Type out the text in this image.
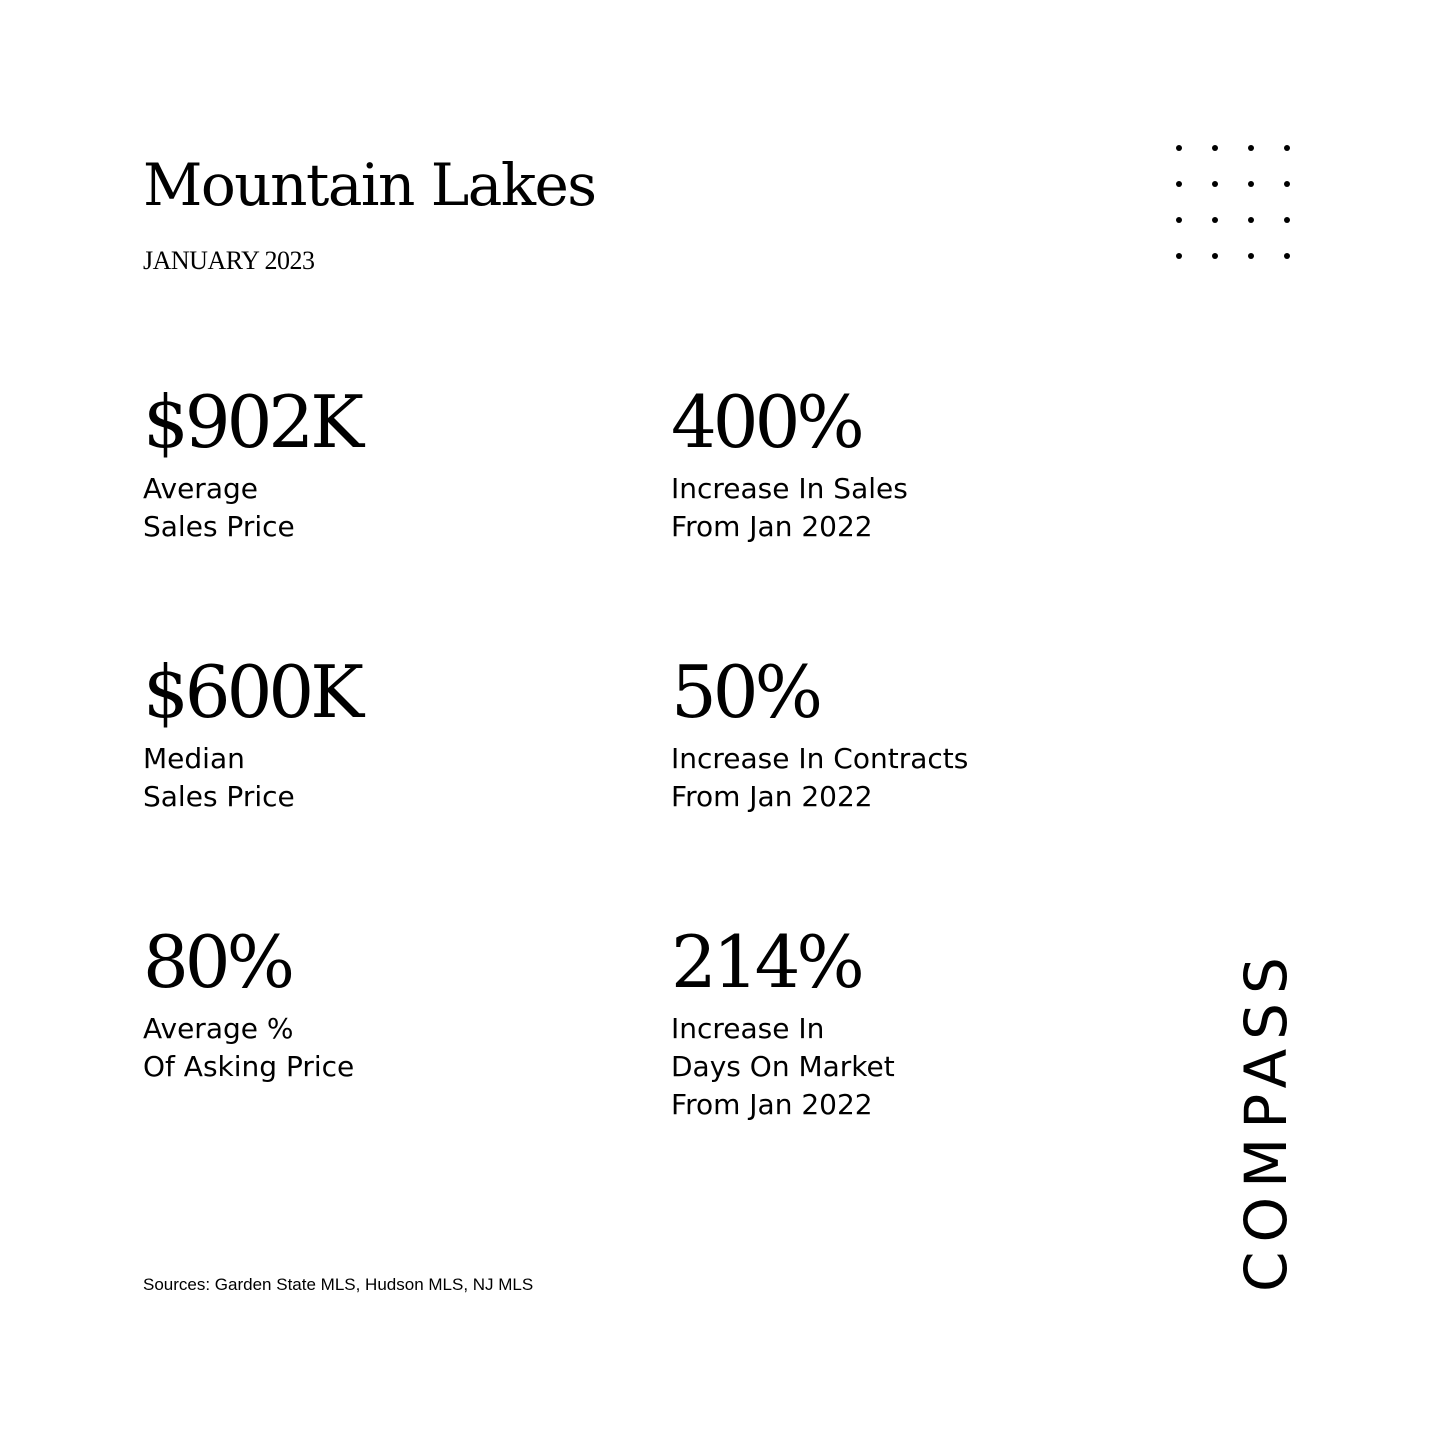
Mountain Lakes
JANUARY 2023
$902K
Average
Sales Price
400%
Increase In Sales
From Jan 2022
$600K
Median
Sales Price
50%
Increase In Contracts
From Jan 2022
80%
Average %
Of Asking Price
214%
Increase In
Days On Market
From Jan 2022
Sources: Garden State MLS, Hudson MLS, NJ MLS	COMPASS
